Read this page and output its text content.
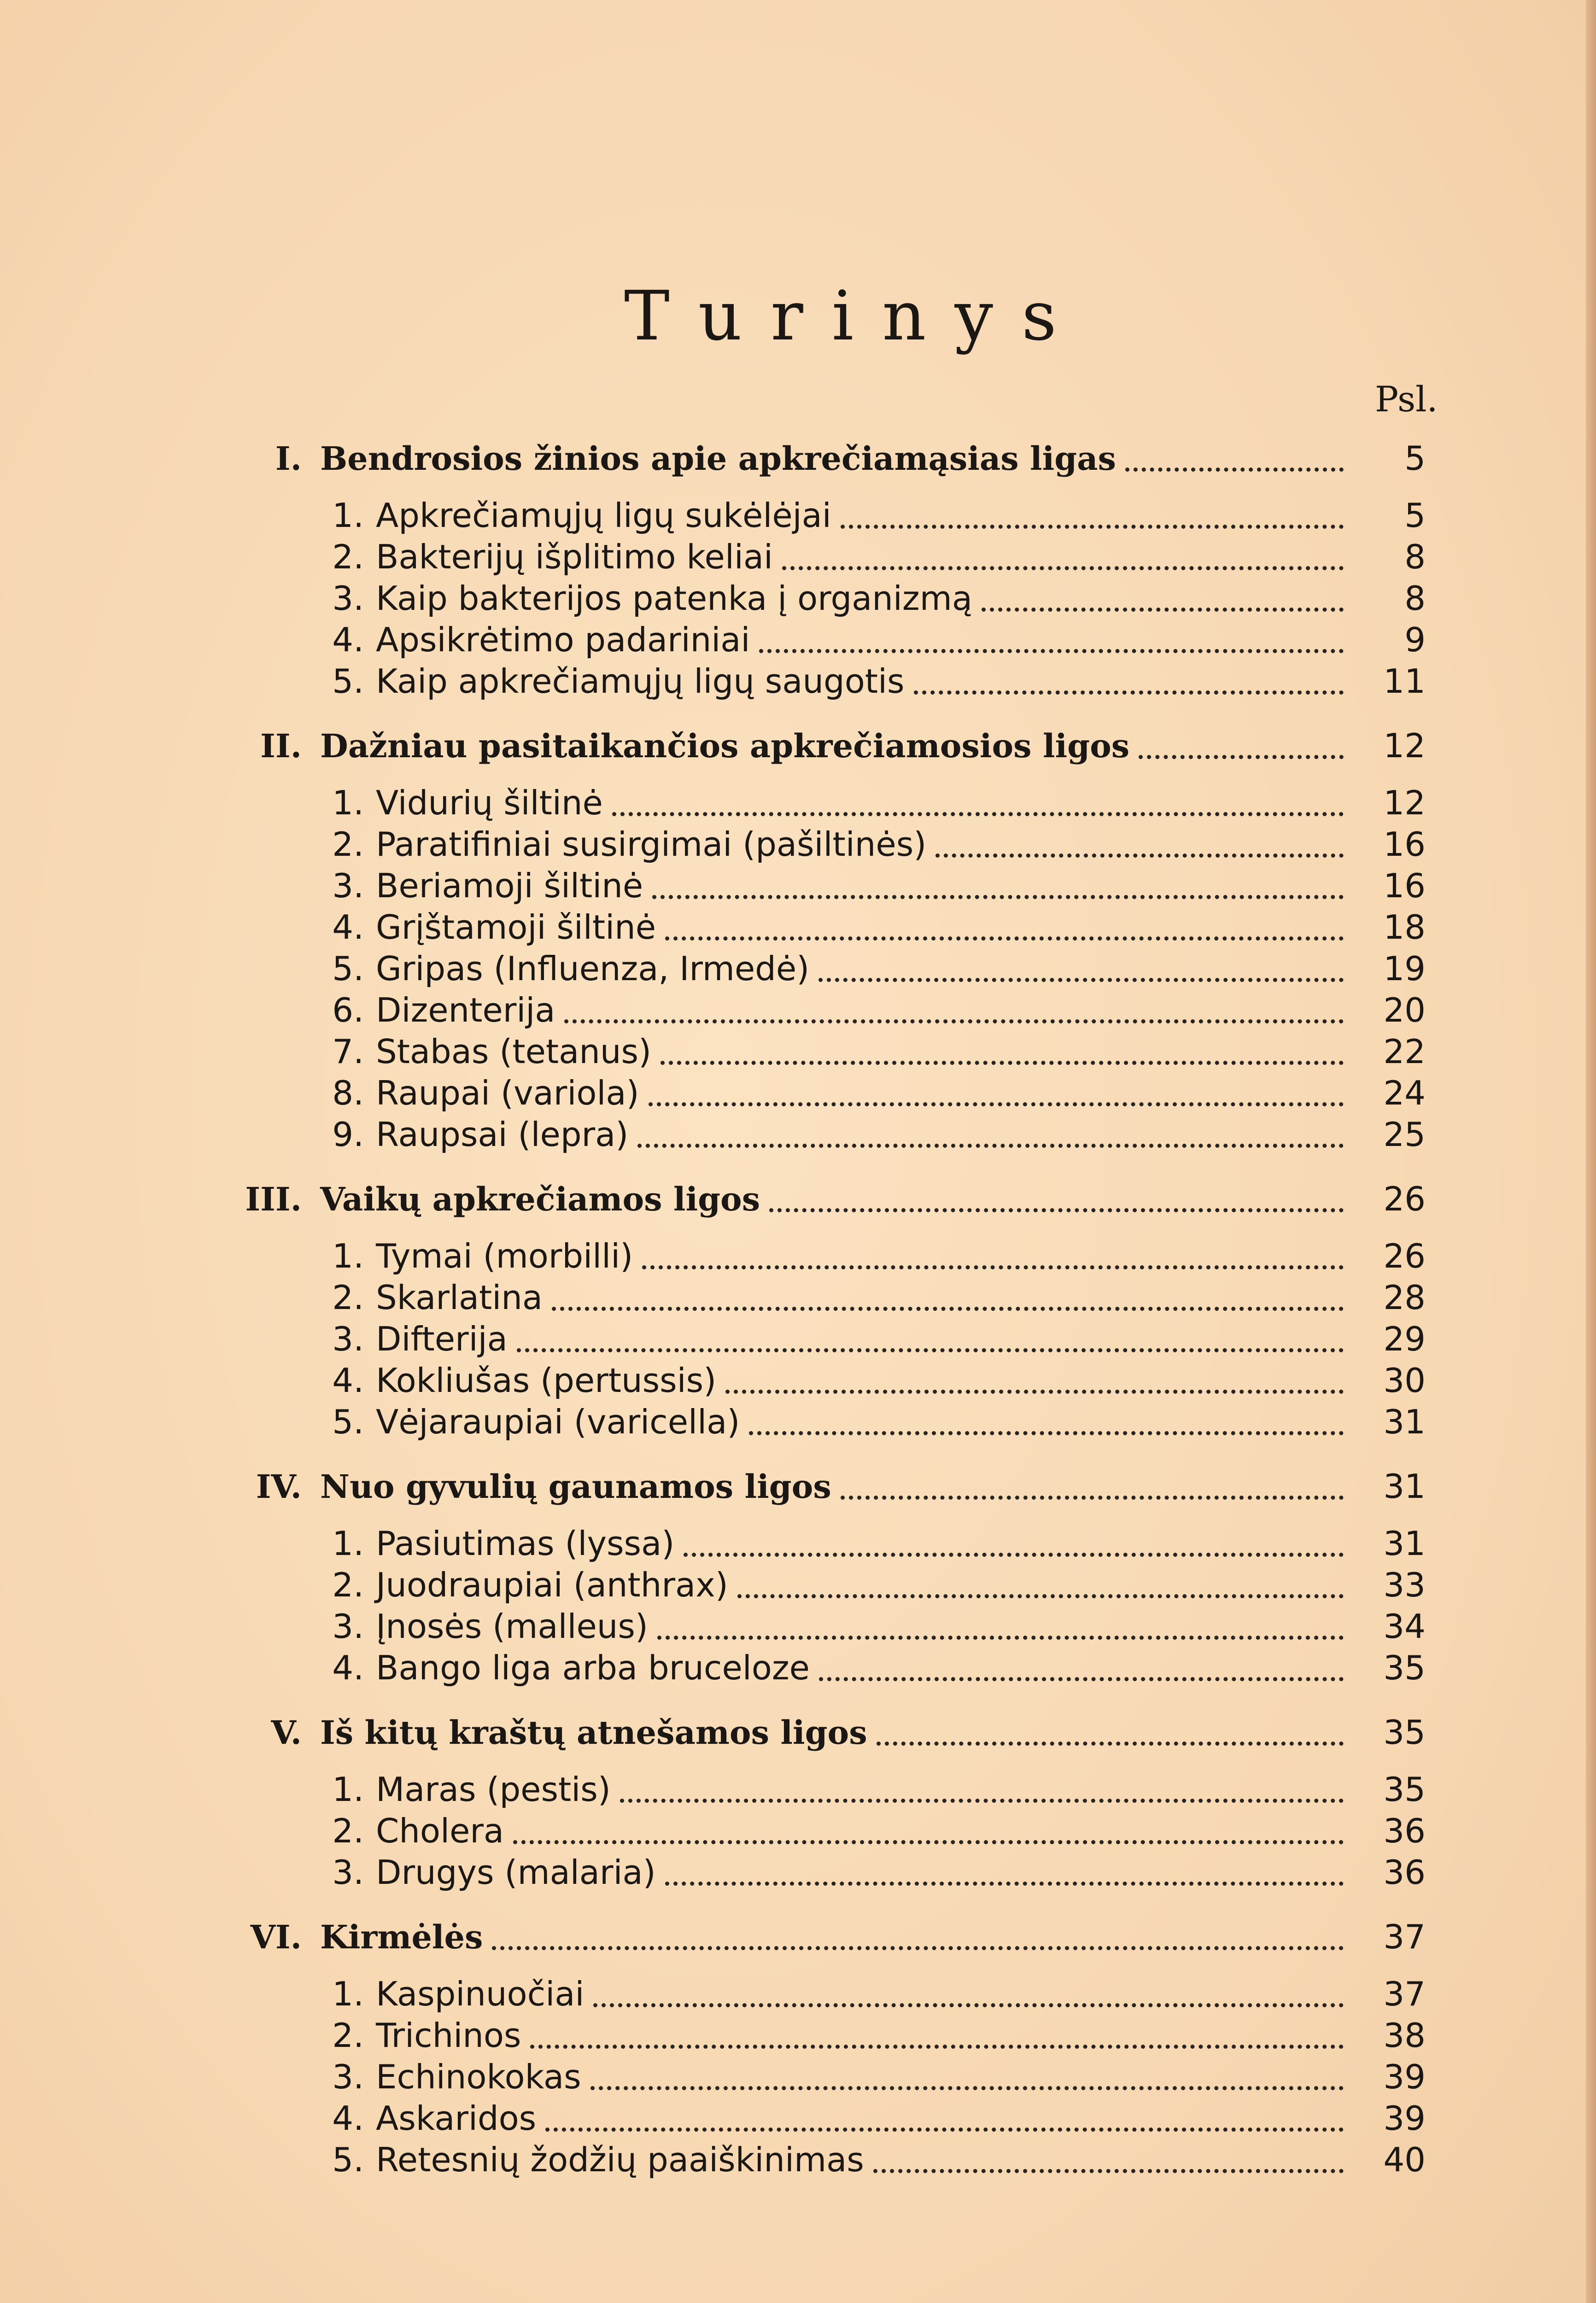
Turinys
Psl.
I. Bendrosios žinios apie apkrečiamąsias ligas	5
1. Apkrečiamųjų ligų sukėlėjai	5
2. Bakterijų išplitimo keliai	8
3. Kaip bakterijos patenka į organizmą	8
4. Apsikrėtimo padariniai	9
5. Kaip apkrečiamųjų ligų saugotis	11
II. Dažniau pasitaikančios apkrečiamosios ligos	12
1. Vidurių šiltinė	12
2. Paratifiniai susirgimai (pašiltinės)	16
3. Beriamoji šiltinė	16
4. Grįštamoji šiltinė	18
5. Gripas (Influenza, Irmedė)	19
6. Dizenterija	20
7. Stabas (tetanus)	22
8. Raupai (variola)	24
9. Raupsai (lepra)	25
III. Vaikų apkrečiamos ligos	26
1. Tymai (morbilli)	26
2. Skarlatina	28
3. Difterija	29
4. Kokliušas (pertussis)	30
5. Vėjaraupiai (varicella)	31
IV. Nuo gyvulių gaunamos ligos	31
1. Pasiutimas (lyssa)	31
2. Juodraupiai (anthrax)	33
3. Įnosės (malleus)	34
4. Bango liga arba bruceloze	35
V. Iš kitų kraštų atnešamos ligos	35
1. Maras (pestis)	35
2. Cholera	36
3. Drugys (malaria)	36
VI. Kirmėlės	37
1. Kaspinuočiai	37
2. Trichinos	38
3. Echinokokas	39
4. Askaridos	39
5. Retesnių žodžių paaiškinimas	40
